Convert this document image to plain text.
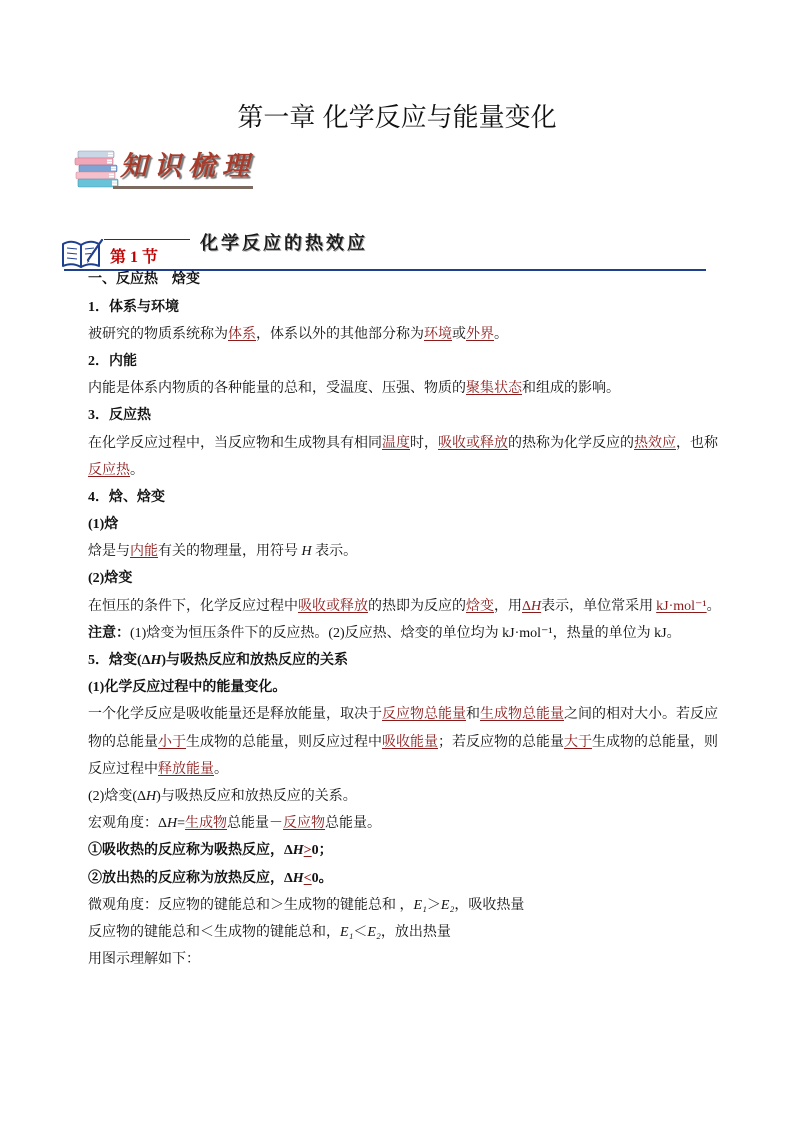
第一章 化学反应与能量变化
知识梳理
第 1 节
化学反应的热效应
一、反应热　焓变
1．体系与环境
被研究的物质系统称为体系，体系以外的其他部分称为环境或外界。
2．内能
内能是体系内物质的各种能量的总和，受温度、压强、物质的聚集状态和组成的影响。
3．反应热
在化学反应过程中，当反应物和生成物具有相同温度时，吸收或释放的热称为化学反应的热效应，也称
反应热。
4．焓、焓变
(1)焓
焓是与内能有关的物理量，用符号 H 表示。
(2)焓变
在恒压的条件下，化学反应过程中吸收或释放的热即为反应的焓变，用ΔH表示，单位常采用 kJ·mol⁻¹。
注意：(1)焓变为恒压条件下的反应热。(2)反应热、焓变的单位均为 kJ·mol⁻¹，热量的单位为 kJ。
5．焓变(ΔH)与吸热反应和放热反应的关系
(1)化学反应过程中的能量变化。
一个化学反应是吸收能量还是释放能量，取决于反应物总能量和生成物总能量之间的相对大小。若反应
物的总能量小于生成物的总能量，则反应过程中吸收能量；若反应物的总能量大于生成物的总能量，则
反应过程中释放能量。
(2)焓变(ΔH)与吸热反应和放热反应的关系。
宏观角度：ΔH=生成物总能量－反应物总能量。
①吸收热的反应称为吸热反应，ΔH>0；
②放出热的反应称为放热反应，ΔH<0。
微观角度：反应物的键能总和＞生成物的键能总和 ，E₁＞E₂，吸收热量
反应物的键能总和＜生成物的键能总和，E₁＜E₂，放出热量
用图示理解如下：
